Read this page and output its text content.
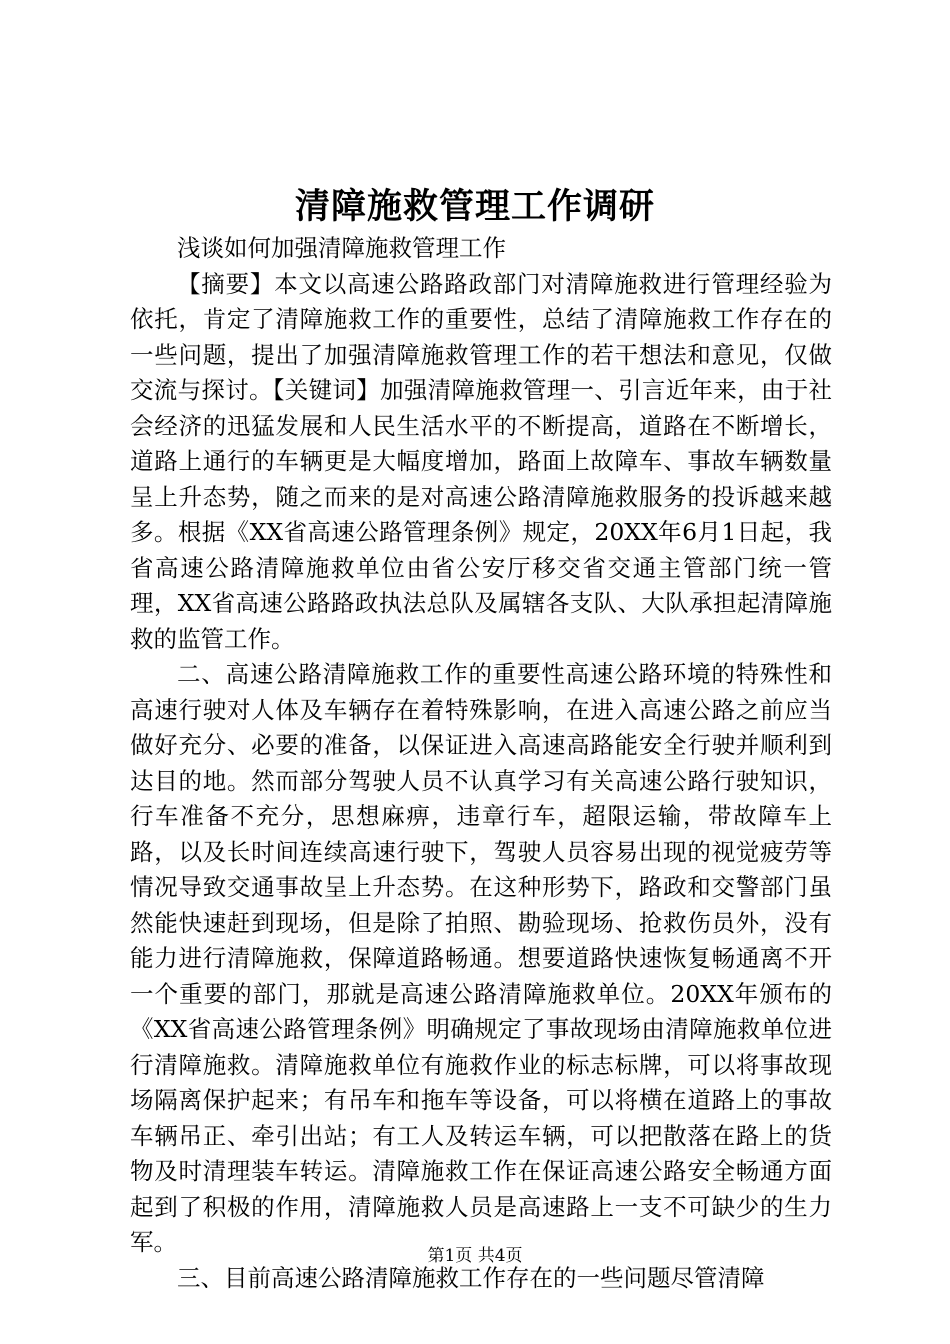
清障施救管理工作调研

浅谈如何加强清障施救管理工作

【摘要】本文以高速公路路政部门对清障施救进行管理经验为依托，肯定了清障施救工作的重要性，总结了清障施救工作存在的一些问题，提出了加强清障施救管理工作的若干想法和意见，仅做交流与探讨。【关键词】加强清障施救管理一、引言近年来，由于社会经济的迅猛发展和人民生活水平的不断提高，道路在不断增长，道路上通行的车辆更是大幅度增加，路面上故障车、事故车辆数量呈上升态势，随之而来的是对高速公路清障施救服务的投诉越来越多。根据《XX省高速公路管理条例》规定，20XX年6月1日起，我省高速公路清障施救单位由省公安厅移交省交通主管部门统一管理，XX省高速公路路政执法总队及属辖各支队、大队承担起清障施救的监管工作。

二、高速公路清障施救工作的重要性高速公路环境的特殊性和高速行驶对人体及车辆存在着特殊影响，在进入高速公路之前应当做好充分、必要的准备，以保证进入高速高路能安全行驶并顺利到达目的地。然而部分驾驶人员不认真学习有关高速公路行驶知识，行车准备不充分，思想麻痹，违章行车，超限运输，带故障车上路，以及长时间连续高速行驶下，驾驶人员容易出现的视觉疲劳等情况导致交通事故呈上升态势。在这种形势下，路政和交警部门虽然能快速赶到现场，但是除了拍照、勘验现场、抢救伤员外，没有能力进行清障施救，保障道路畅通。想要道路快速恢复畅通离不开一个重要的部门，那就是高速公路清障施救单位。20XX年颁布的《XX省高速公路管理条例》明确规定了事故现场由清障施救单位进行清障施救。清障施救单位有施救作业的标志标牌，可以将事故现场隔离保护起来；有吊车和拖车等设备，可以将横在道路上的事故车辆吊正、牵引出站；有工人及转运车辆，可以把散落在路上的货物及时清理装车转运。清障施救工作在保证高速公路安全畅通方面起到了积极的作用，清障施救人员是高速路上一支不可缺少的生力军。

三、目前高速公路清障施救工作存在的一些问题尽管清障

第1页 共4页
